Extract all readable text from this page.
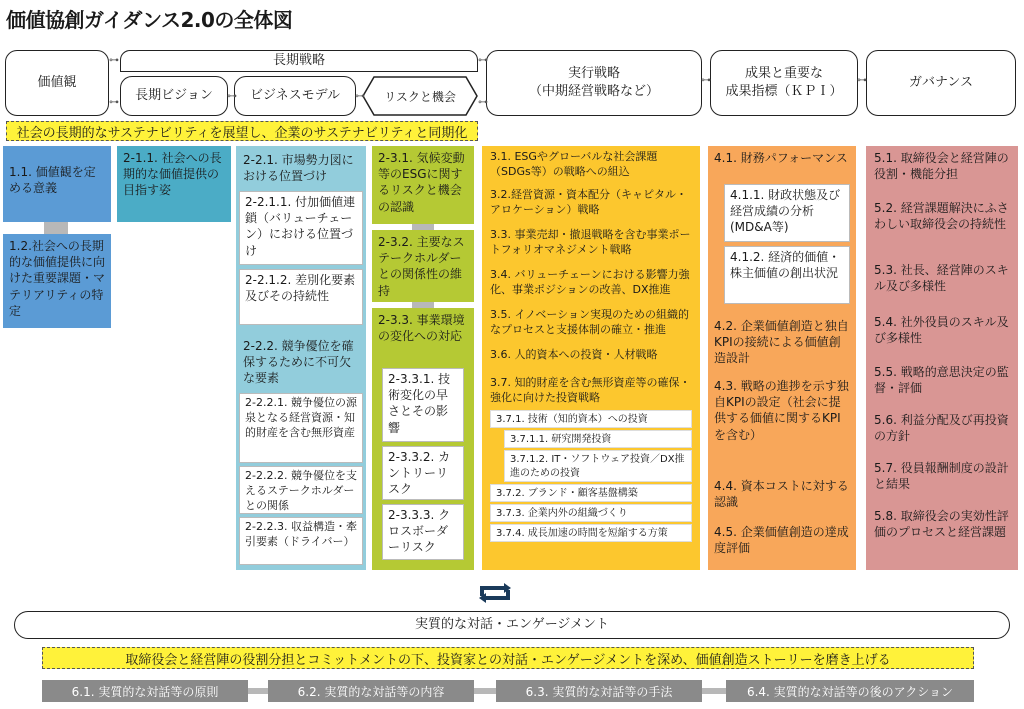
価値協創ガイダンス2.0の全体図
価値観
長期戦略
長期ビジョン	ビジネスモデル	リスクと機会
実行戦略
（中期経営戦略など）
成果と重要な
成果指標（ＫＰＩ）
ガバナンス
⊶
⊶
⊶
⊶
⊶	⊶
⊶	⊶
社会の長期的なサステナビリティを展望し、企業のサステナビリティと同期化
1.1. 価値観を定める意義
1.2.社会への長期的な価値提供に向けた重要課題・マテリアリティの特定
2-1.1. 社会への長期的な価値提供の目指す姿
2-2.1. 市場勢力図における位置づけ
2-2.1.1. 付加価値連鎖（バリューチェーン）における位置づけ
2-2.1.2. 差別化要素及びその持続性
2-2.2. 競争優位を確保するために不可欠な要素
2-2.2.1. 競争優位の源泉となる経営資源・知的財産を含む無形資産
2-2.2.2. 競争優位を支えるステークホルダーとの関係
2-2.2.3. 収益構造・牽引要素（ドライバー）
2-3.1. 気候変動等のESGに関するリスクと機会の認識
2-3.2. 主要なステークホルダーとの関係性の維持
2-3.3. 事業環境の変化への対応
2-3.3.1. 技術変化の早さとその影響
2-3.3.2. カントリーリスク
2-3.3.3. クロスボーダーリスク
3.1. ESGやグローバルな社会課題（SDGs等）の戦略への組込
3.2.経営資源・資本配分（キャピタル・アロケーション）戦略
3.3. 事業売却・撤退戦略を含む事業ポートフォリオマネジメント戦略
3.4. バリューチェーンにおける影響力強化、事業ポジションの改善、DX推進
3.5. イノベーション実現のための組織的なプロセスと支援体制の確立・推進
3.6. 人的資本への投資・人材戦略
3.7. 知的財産を含む無形資産等の確保・強化に向けた投資戦略
3.7.1. 技術（知的資本）への投資
3.7.1.1. 研究開発投資
3.7.1.2. IT・ソフトウェア投資／DX推進のための投資
3.7.2. ブランド・顧客基盤構築
3.7.3. 企業内外の組織づくり
3.7.4. 成長加速の時間を短縮する方策
4.1. 財務パフォーマンス
4.1.1. 財政状態及び経営成績の分析(MD&A等)
4.1.2. 経済的価値・株主価値の創出状況
4.2. 企業価値創造と独自KPIの接続による価値創造設計
4.3. 戦略の進捗を示す独自KPIの設定（社会に提供する価値に関するKPIを含む）
4.4. 資本コストに対する認識
4.5. 企業価値創造の達成度評価
5.1. 取締役会と経営陣の役割・機能分担
5.2. 経営課題解決にふさわしい取締役会の持続性
5.3. 社長、経営陣のスキル及び多様性
5.4. 社外役員のスキル及び多様性
5.5. 戦略的意思決定の監督・評価
5.6. 利益分配及び再投資の方針
5.7. 役員報酬制度の設計と結果
5.8. 取締役会の実効性評価のプロセスと経営課題
実質的な対話・エンゲージメント
取締役会と経営陣の役割分担とコミットメントの下、投資家との対話・エンゲージメントを深め、価値創造ストーリーを磨き上げる
6.1. 実質的な対話等の原則	6.2. 実質的な対話等の内容	6.3. 実質的な対話等の手法	6.4. 実質的な対話等の後のアクション
